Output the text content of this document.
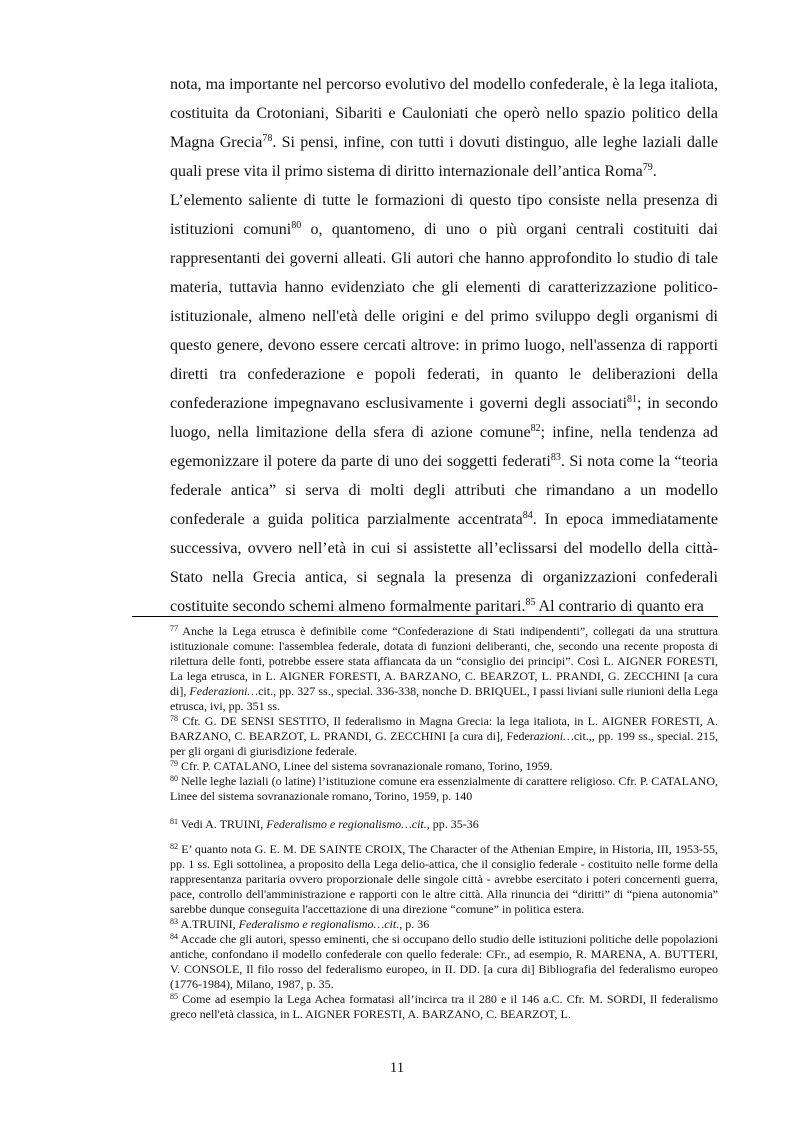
nota, ma importante nel percorso evolutivo del modello confederale, è la lega italiota, costituita da Crotoniani, Sibariti e Cauloniati che operò nello spazio politico della Magna Grecia$^{78}$. Si pensi, infine, con tutti i dovuti distinguo, alle leghe laziali dalle quali prese vita il primo sistema di diritto internazionale dell’antica Roma$^{79}$.

L’elemento saliente di tutte le formazioni di questo tipo consiste nella presenza di istituzioni comuni$^{80}$ o, quantomeno, di uno o più organi centrali costituiti dai rappresentanti dei governi alleati. Gli autori che hanno approfondito lo studio di tale materia, tuttavia hanno evidenziato che gli elementi di caratterizzazione politico-istituzionale, almeno nell'età delle origini e del primo sviluppo degli organismi di questo genere, devono essere cercati altrove: in primo luogo, nell'assenza di rapporti diretti tra confederazione e popoli federati, in quanto le deliberazioni della confederazione impegnavano esclusivamente i governi degli associati$^{81}$; in secondo luogo, nella limitazione della sfera di azione comune$^{82}$; infine, nella tendenza ad egemonizzare il potere da parte di uno dei soggetti federati$^{83}$. Si nota come la “teoria federale antica” si serva di molti degli attributi che rimandano a un modello confederale a guida politica parzialmente accentrata$^{84}$. In epoca immediatamente successiva, ovvero nell’età in cui si assistette all’eclissarsi del modello della città-Stato nella Grecia antica, si segnala la presenza di organizzazioni confederali costituite secondo schemi almeno formalmente paritari.$^{85}$ Al contrario di quanto era

$^{77}$ Anche la Lega etrusca è definibile come “Confederazione di Stati indipendenti”, collegati da una struttura istituzionale comune: l'assemblea federale, dotata di funzioni deliberanti, che, secondo una recente proposta di rilettura delle fonti, potrebbe essere stata affiancata da un “consiglio dei principi”. Così L. AIGNER FORESTI, La lega etrusca, in L. AIGNER FORESTI, A. BARZANO, C. BEARZOT, L. PRANDI, G. ZECCHINI [a cura di], Federazioni…cit., pp. 327 ss., special. 336-338, nonche D. BRIQUEL, I passi liviani sulle riunioni della Lega etrusca, ivi, pp. 351 ss.
$^{78}$ Cfr. G. DE SENSI SESTITO, Il federalismo in Magna Grecia: la lega italiota, in L. AIGNER FORESTI, A. BARZANO, C. BEARZOT, L. PRANDI, G. ZECCHINI [a cura di], Federazioni…cit.,, pp. 199 ss., special. 215, per gli organi di giurisdizione federale.
$^{79}$ Cfr. P. CATALANO, Linee del sistema sovranazionale romano, Torino, 1959.
$^{80}$ Nelle leghe laziali (o latine) l’istituzione comune era essenzialmente di carattere religioso. Cfr. P. CATALANO, Linee del sistema sovranazionale romano, Torino, 1959, p. 140
$^{81}$ Vedi A. TRUINI, Federalismo e regionalismo…cit., pp. 35-36
$^{82}$ E’ quanto nota G. E. M. DE SAINTE CROIX, The Character of the Athenian Empire, in Historia, III, 1953-55, pp. 1 ss. Egli sottolinea, a proposito della Lega delio-attica, che il consiglio federale - costituito nelle forme della rappresentanza paritaria ovvero proporzionale delle singole città - avrebbe esercitato i poteri concernenti guerra, pace, controllo dell'amministrazione e rapporti con le altre città. Alla rinuncia dei “diritti” di “piena autonomia” sarebbe dunque conseguita l'accettazione di una direzione “comune” in politica estera.
$^{83}$ A.TRUINI, Federalismo e regionalismo…cit., p. 36
$^{84}$ Accade che gli autori, spesso eminenti, che si occupano dello studio delle istituzioni politiche delle popolazioni antiche, confondano il modello confederale con quello federale: CFr., ad esempio, R. MARENA, A. BUTTERI, V. CONSOLE, Il filo rosso del federalismo europeo, in II. DD. [a cura di] Bibliografia del federalismo europeo (1776-1984), Milano, 1987, p. 35.
$^{85}$ Come ad esempio la Lega Achea formatasi all’incirca tra il 280 e il 146 a.C. Cfr. M. SORDI, Il federalismo greco nell'età classica, in L. AIGNER FORESTI, A. BARZANO, C. BEARZOT, L.
11
